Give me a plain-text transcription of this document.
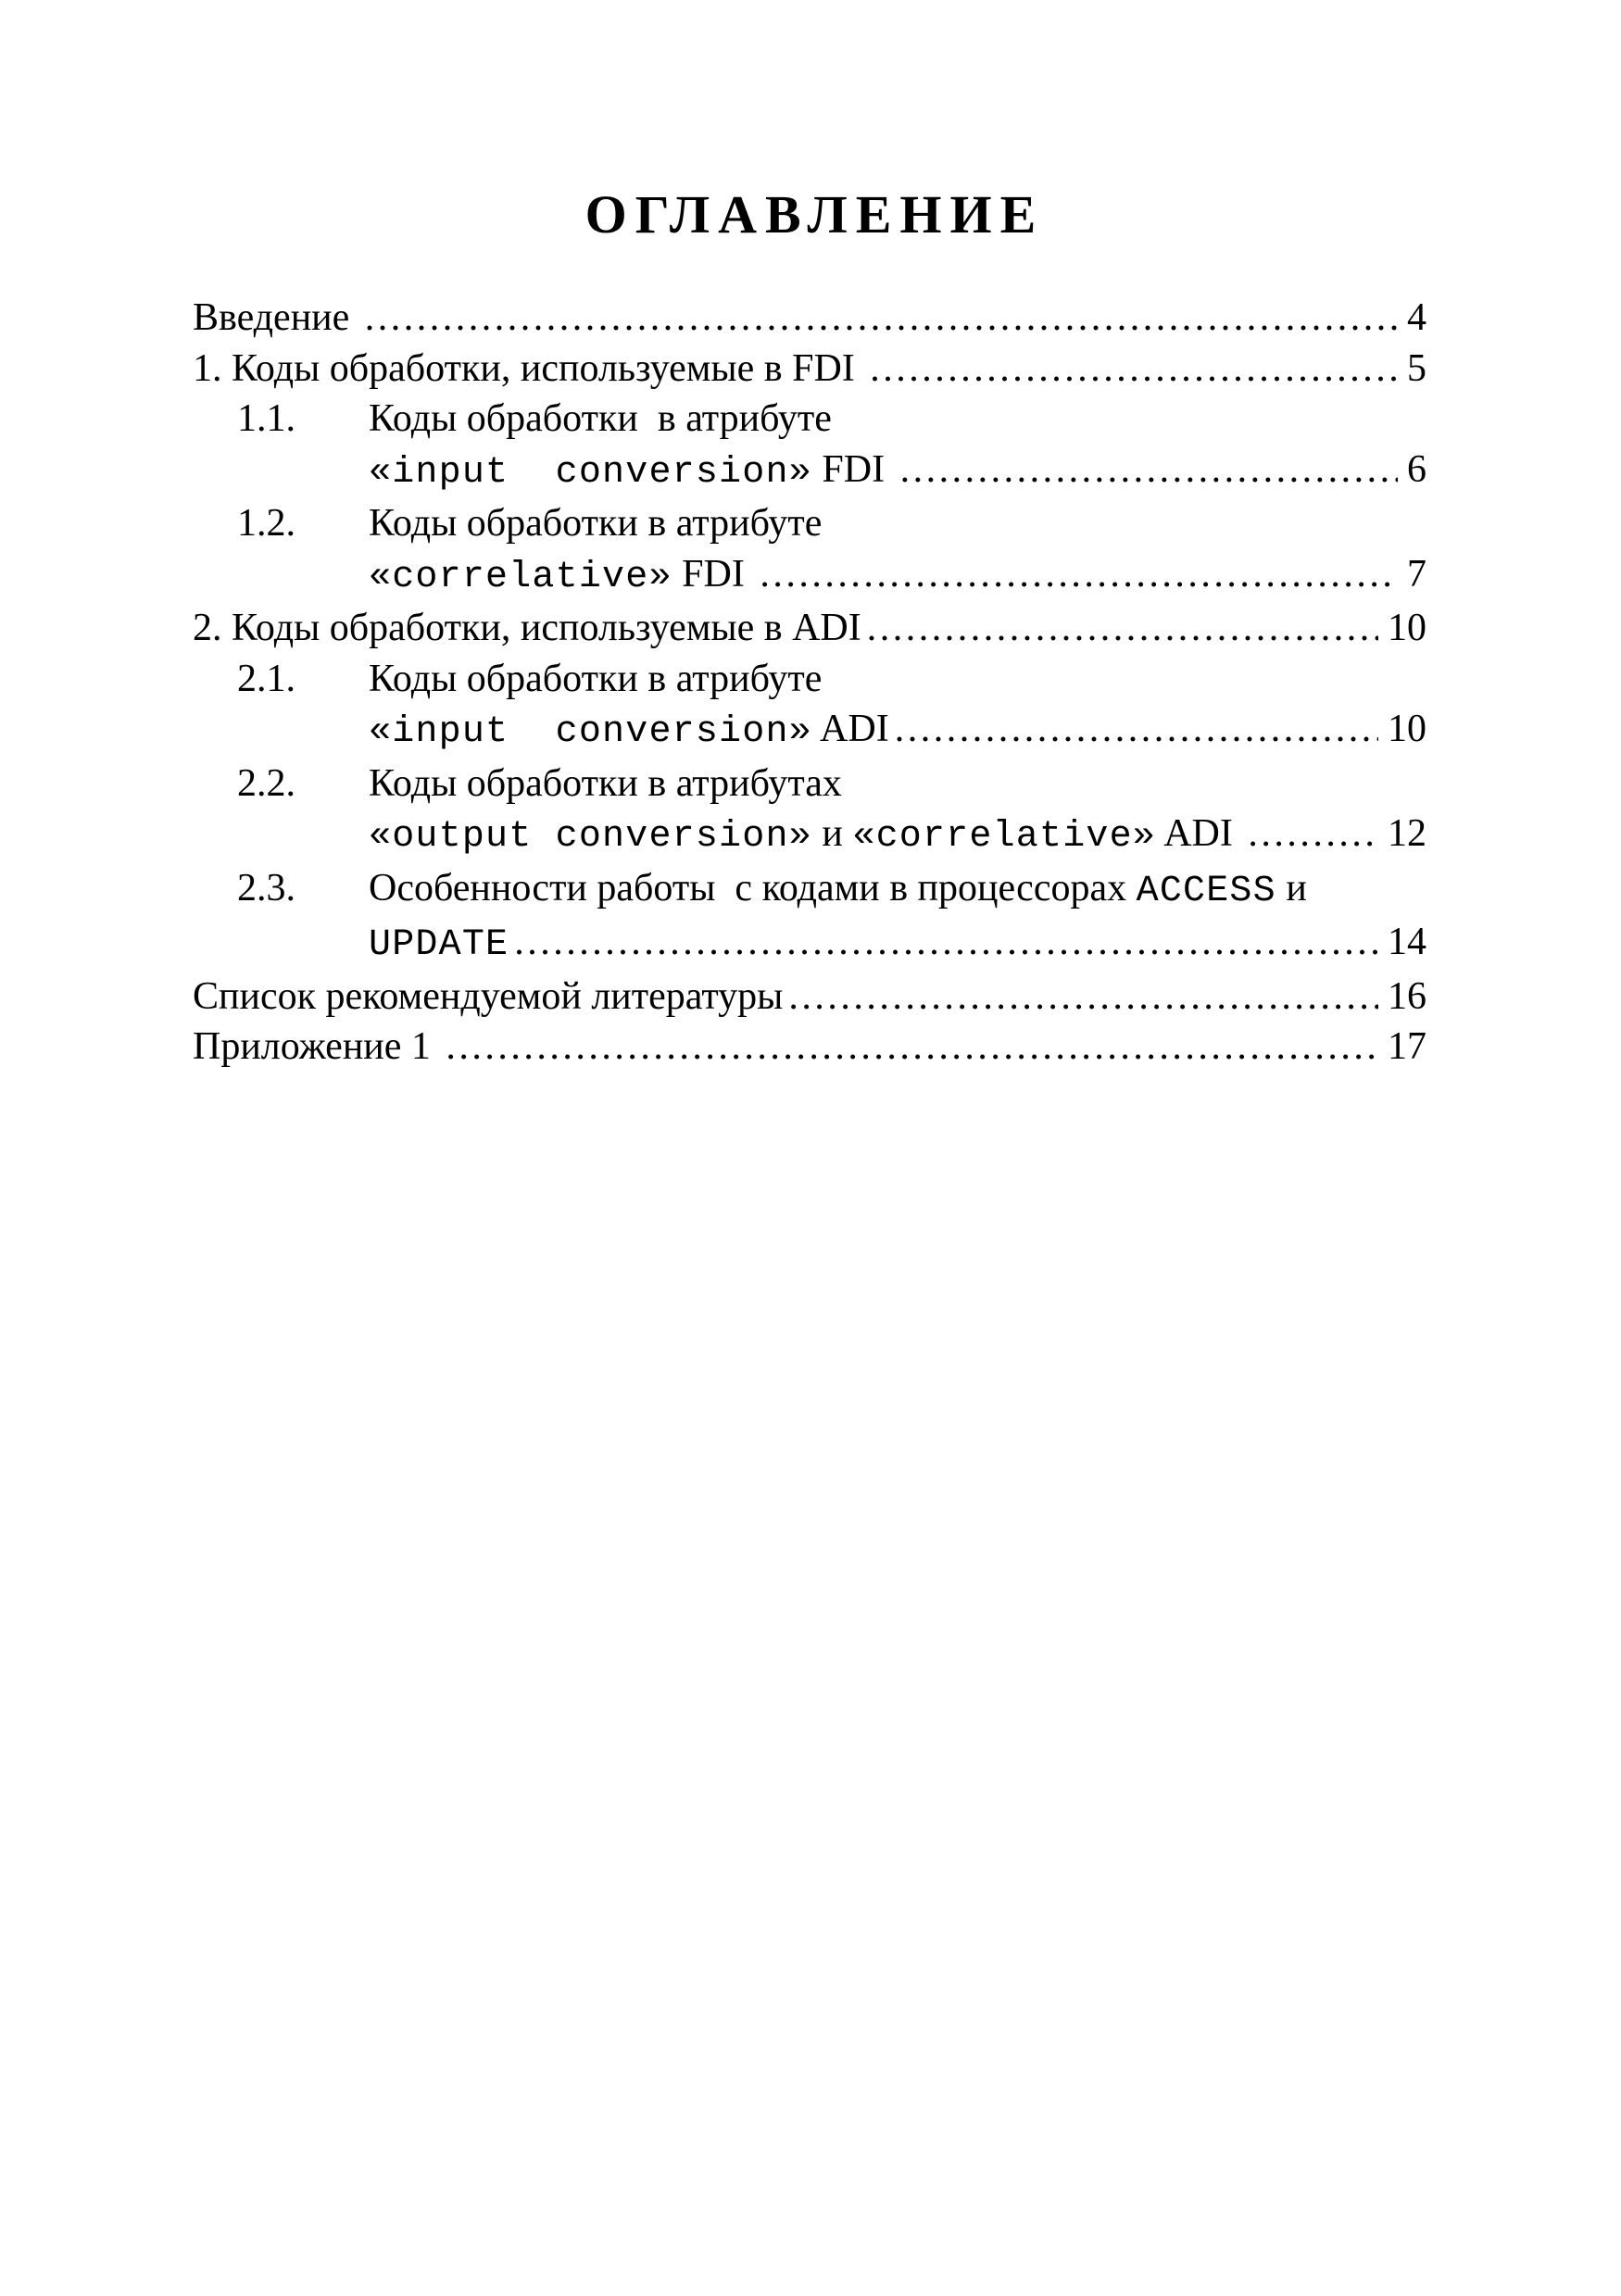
ОГЛАВЛЕНИЕ
Введение .....	4
1. Коды обработки, используемые в FDI .....	5
1.1.	Коды обработки  в атрибуте
«input  conversion» FDI .....	6
1.2.	Коды обработки в атрибуте
«correlative» FDI .....	7
2. Коды обработки, используемые в ADI .....	10
2.1.	Коды обработки в атрибуте
«input  conversion» ADI .....	10
2.2.	Коды обработки в атрибутах
«output conversion» и «correlative» ADI .....	12
2.3.	Особенности работы  с кодами в процессорах ACCESS и
UPDATE .....	14
Список рекомендуемой литературы .....	16
Приложение 1 .....	17
